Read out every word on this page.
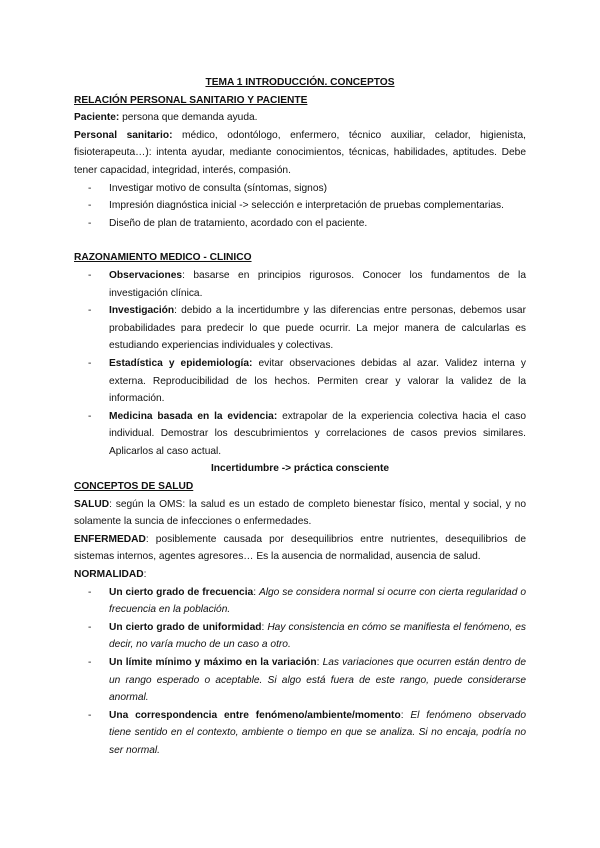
TEMA 1 INTRODUCCIÓN. CONCEPTOS

RELACIÓN PERSONAL SANITARIO Y PACIENTE

Paciente: persona que demanda ayuda.

Personal sanitario: médico, odontólogo, enfermero, técnico auxiliar, celador, higienista, fisioterapeuta…): intenta ayudar, mediante conocimientos, técnicas, habilidades, aptitudes. Debe tener capacidad, integridad, interés, compasión.

- Investigar motivo de consulta (síntomas, signos)
- Impresión diagnóstica inicial -> selección e interpretación de pruebas complementarias.
- Diseño de plan de tratamiento, acordado con el paciente.

RAZONAMIENTO MEDICO - CLINICO

- Observaciones: basarse en principios rigurosos. Conocer los fundamentos de la investigación clínica.
- Investigación: debido a la incertidumbre y las diferencias entre personas, debemos usar probabilidades para predecir lo que puede ocurrir. La mejor manera de calcularlas es estudiando experiencias individuales y colectivas.
- Estadística y epidemiología: evitar observaciones debidas al azar. Validez interna y externa. Reproducibilidad de los hechos. Permiten crear y valorar la validez de la información.
- Medicina basada en la evidencia: extrapolar de la experiencia colectiva hacia el caso individual. Demostrar los descubrimientos y correlaciones de casos previos similares. Aplicarlos al caso actual.

Incertidumbre -> práctica consciente

CONCEPTOS DE SALUD

SALUD: según la OMS: la salud es un estado de completo bienestar físico, mental y social, y no solamente la suncia de infecciones o enfermedades.

ENFERMEDAD: posiblemente causada por desequilibrios entre nutrientes, desequilibrios de sistemas internos, agentes agresores… Es la ausencia de normalidad, ausencia de salud.

NORMALIDAD:

- Un cierto grado de frecuencia: Algo se considera normal si ocurre con cierta regularidad o frecuencia en la población.
- Un cierto grado de uniformidad: Hay consistencia en cómo se manifiesta el fenómeno, es decir, no varía mucho de un caso a otro.
- Un límite mínimo y máximo en la variación: Las variaciones que ocurren están dentro de un rango esperado o aceptable. Si algo está fuera de este rango, puede considerarse anormal.
- Una correspondencia entre fenómeno/ambiente/momento: El fenómeno observado tiene sentido en el contexto, ambiente o tiempo en que se analiza. Si no encaja, podría no ser normal.
